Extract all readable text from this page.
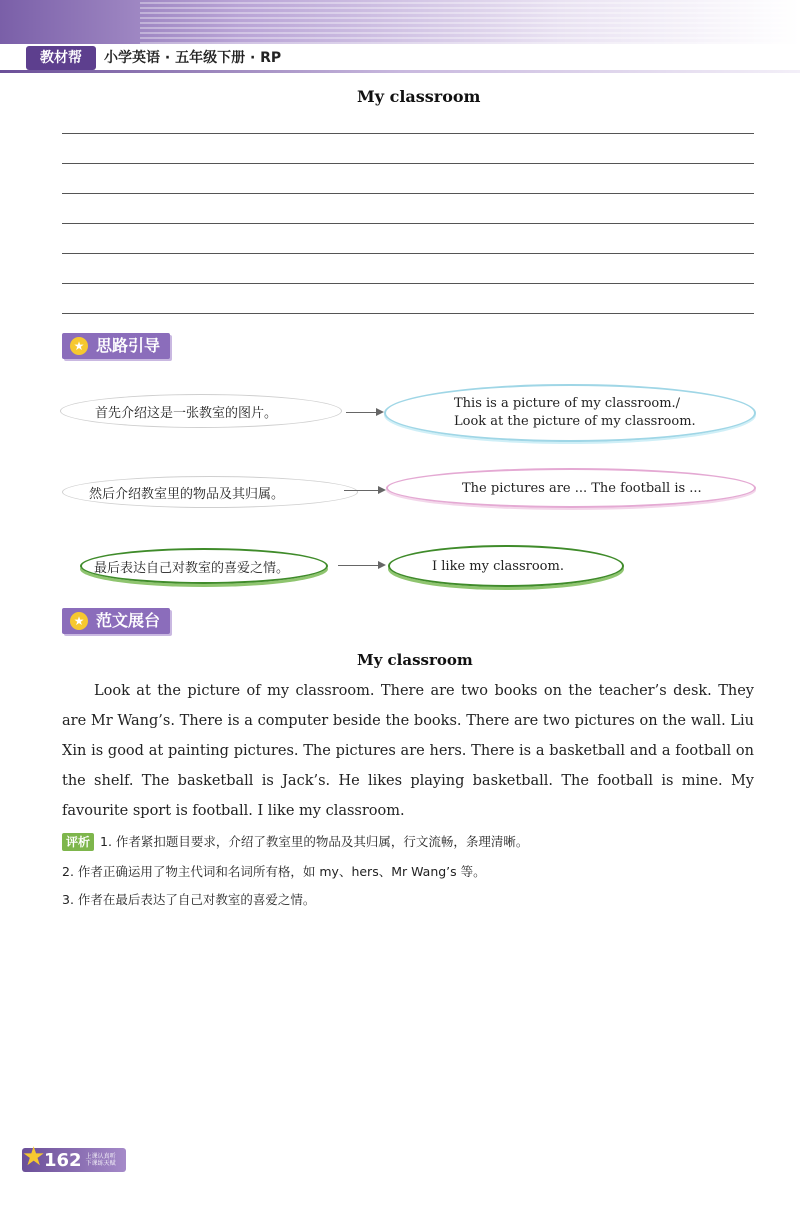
教材帮	小学英语 · 五年级下册 · RP
My classroom
★ 思路引导
首先介绍这是一张教室的图片。
This is a picture of my classroom./
Look at the picture of my classroom.
然后介绍教室里的物品及其归属。	The pictures are ... The football is ...
最后表达自己对教室的喜爱之情。	I like my classroom.
★ 范文展台
My classroom
Look at the picture of my classroom. There are two books on the teacher’s desk. They are Mr Wang’s. There is a computer beside the books. There are two pictures on the wall. Liu Xin is good at painting pictures. The pictures are hers. There is a basketball and a football on the shelf. The basketball is Jack’s. He likes playing basketball. The football is mine. My favourite sport is football. I like my classroom.
评析 1. 作者紧扣题目要求，介绍了教室里的物品及其归属，行文流畅，条理清晰。
2. 作者正确运用了物主代词和名词所有格，如 my、hers、Mr Wang’s 等。
3. 作者在最后表达了自己对教室的喜爱之情。
★
162 上课认真听
下课练天赋
